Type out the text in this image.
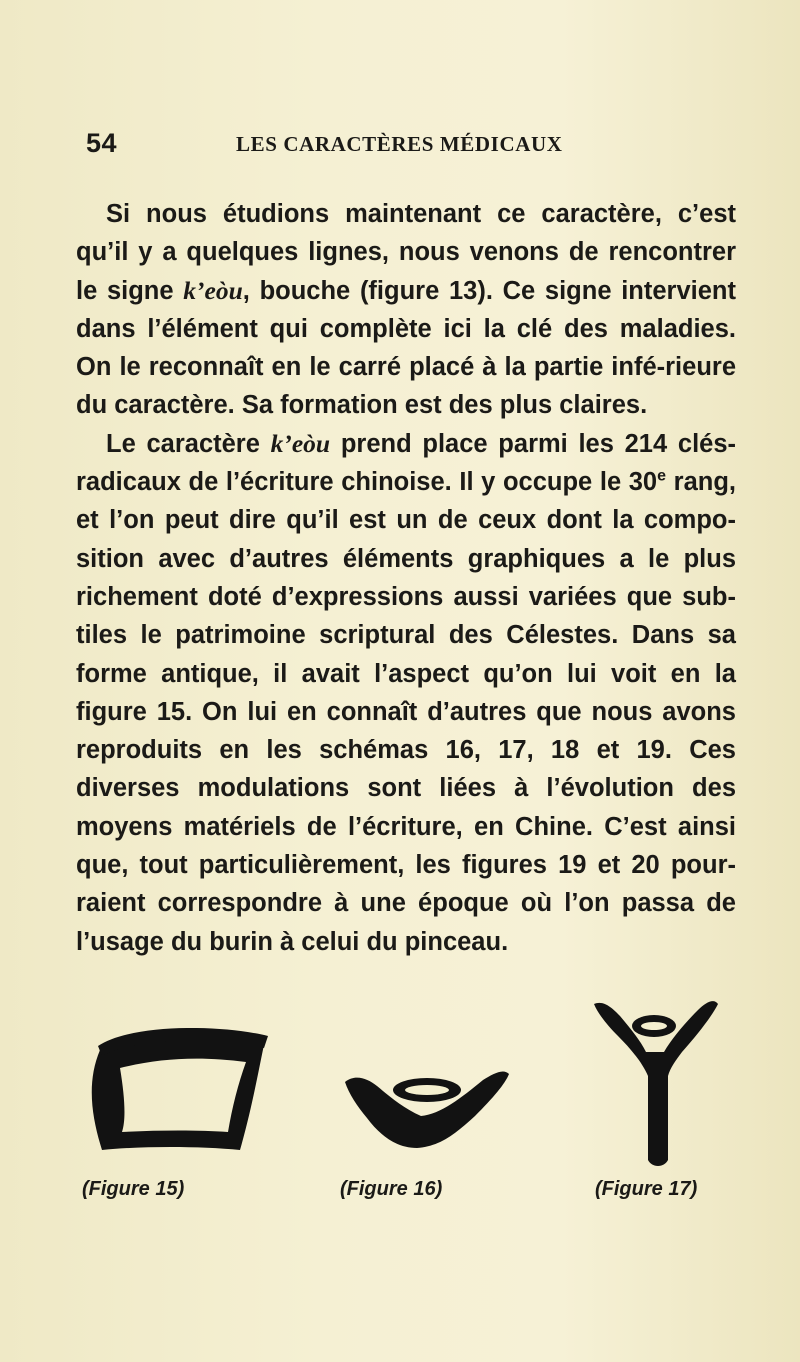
54	LES CARACTÈRES MÉDICAUX

Si nous étudions maintenant ce caractère, c’est qu’il y a quelques lignes, nous venons de rencontrer le signe k’eòu, bouche (figure 13). Ce signe intervient dans l’élément qui complète ici la clé des maladies. On le reconnaît en le carré placé à la partie infé-rieure du caractère. Sa formation est des plus claires.

Le caractère k’eòu prend place parmi les 214 clés-radicaux de l’écriture chinoise. Il y occupe le 30e rang, et l’on peut dire qu’il est un de ceux dont la compo-sition avec d’autres éléments graphiques a le plus richement doté d’expressions aussi variées que sub-tiles le patrimoine scriptural des Célestes. Dans sa forme antique, il avait l’aspect qu’on lui voit en la figure 15. On lui en connaît d’autres que nous avons reproduits en les schémas 16, 17, 18 et 19. Ces diverses modulations sont liées à l’évolution des moyens matériels de l’écriture, en Chine. C’est ainsi que, tout particulièrement, les figures 19 et 20 pour-raient correspondre à une époque où l’on passa de l’usage du burin à celui du pinceau.

(Figure 15)	(Figure 16)	(Figure 17)
